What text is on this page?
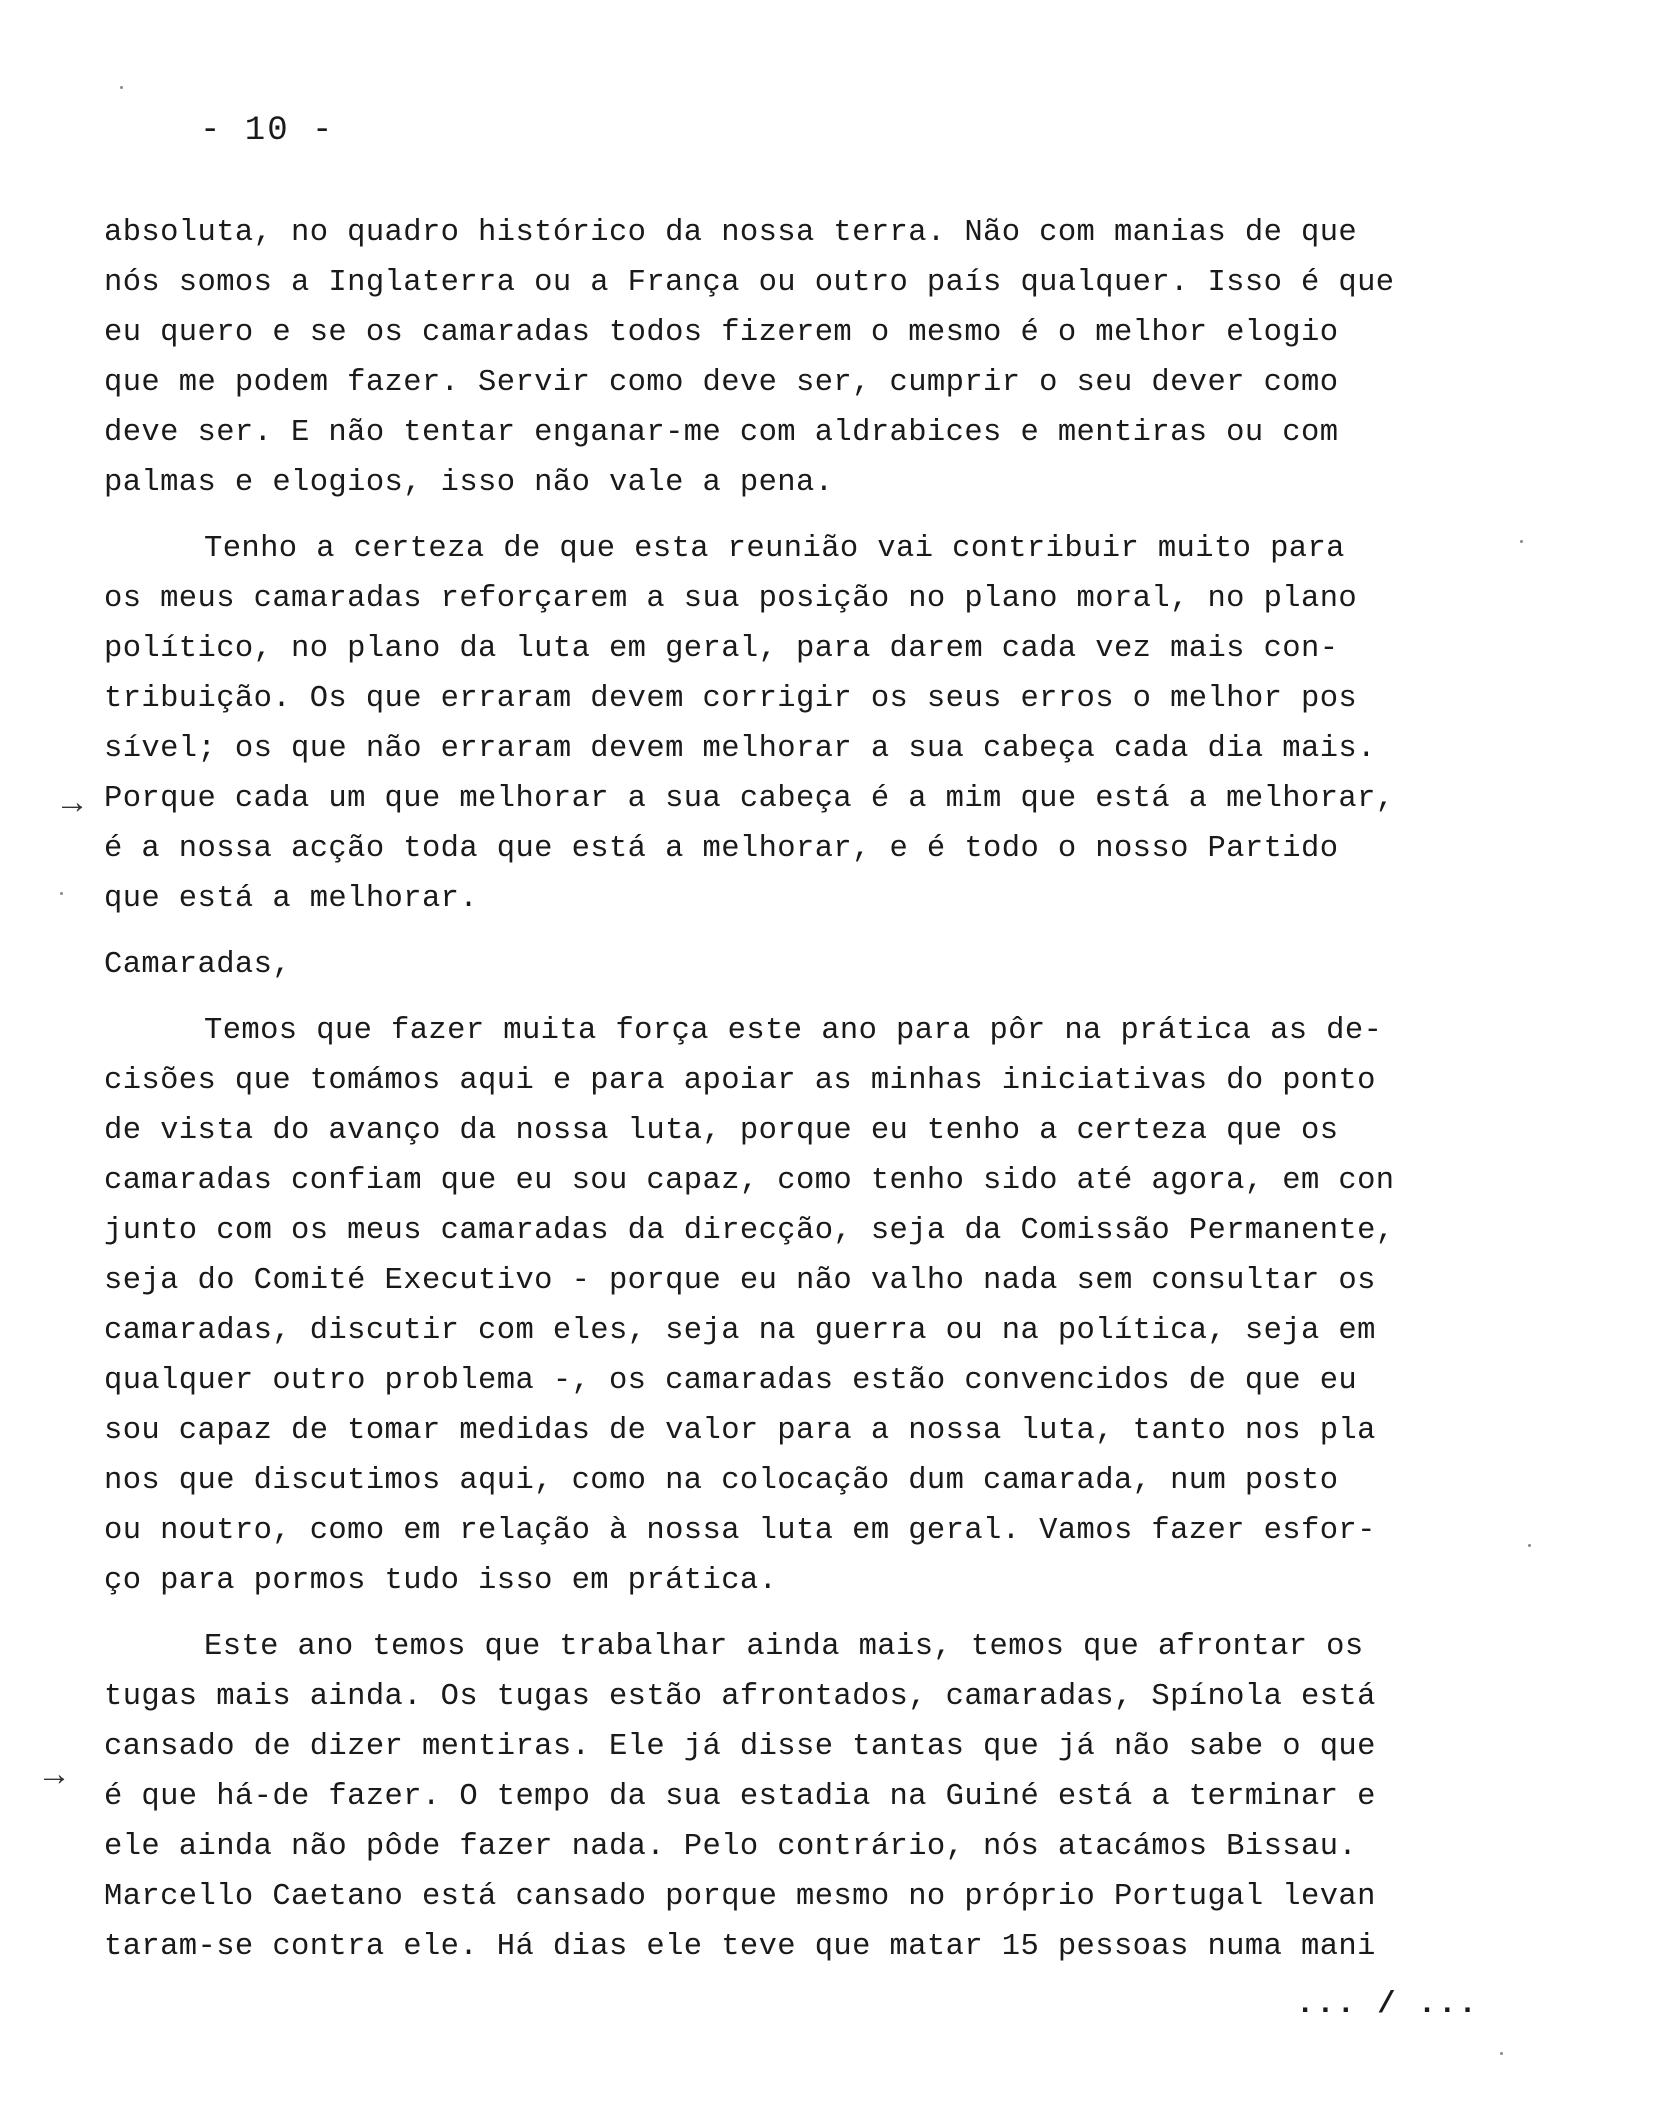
- 10 -
absoluta, no quadro histórico da nossa terra. Não com manias de que
nós somos a Inglaterra ou a França ou outro país qualquer. Isso é que
eu quero e se os camaradas todos fizerem o mesmo é o melhor elogio
que me podem fazer. Servir como deve ser, cumprir o seu dever como
deve ser. E não tentar enganar-me com aldrabices e mentiras ou com
palmas e elogios, isso não vale a pena.
Tenho a certeza de que esta reunião vai contribuir muito para
os meus camaradas reforçarem a sua posição no plano moral, no plano
político, no plano da luta em geral, para darem cada vez mais con-
tribuição. Os que erraram devem corrigir os seus erros o melhor pos
sível; os que não erraram devem melhorar a sua cabeça cada dia mais.
Porque cada um que melhorar a sua cabeça é a mim que está a melhorar,
é a nossa acção toda que está a melhorar, e é todo o nosso Partido
que está a melhorar.
Camaradas,
Temos que fazer muita força este ano para pôr na prática as de-
cisões que tomámos aqui e para apoiar as minhas iniciativas do ponto
de vista do avanço da nossa luta, porque eu tenho a certeza que os
camaradas confiam que eu sou capaz, como tenho sido até agora, em con
junto com os meus camaradas da direcção, seja da Comissão Permanente,
seja do Comité Executivo - porque eu não valho nada sem consultar os
camaradas, discutir com eles, seja na guerra ou na política, seja em
qualquer outro problema -, os camaradas estão convencidos de que eu
sou capaz de tomar medidas de valor para a nossa luta, tanto nos pla
nos que discutimos aqui, como na colocação dum camarada, num posto
ou noutro, como em relação à nossa luta em geral. Vamos fazer esfor-
ço para pormos tudo isso em prática.
Este ano temos que trabalhar ainda mais, temos que afrontar os
tugas mais ainda. Os tugas estão afrontados, camaradas, Spínola está
cansado de dizer mentiras. Ele já disse tantas que já não sabe o que
é que há-de fazer. O tempo da sua estadia na Guiné está a terminar e
ele ainda não pôde fazer nada. Pelo contrário, nós atacámos Bissau.
Marcello Caetano está cansado porque mesmo no próprio Portugal levan
taram-se contra ele. Há dias ele teve que matar 15 pessoas numa mani
... / ...
→
→
